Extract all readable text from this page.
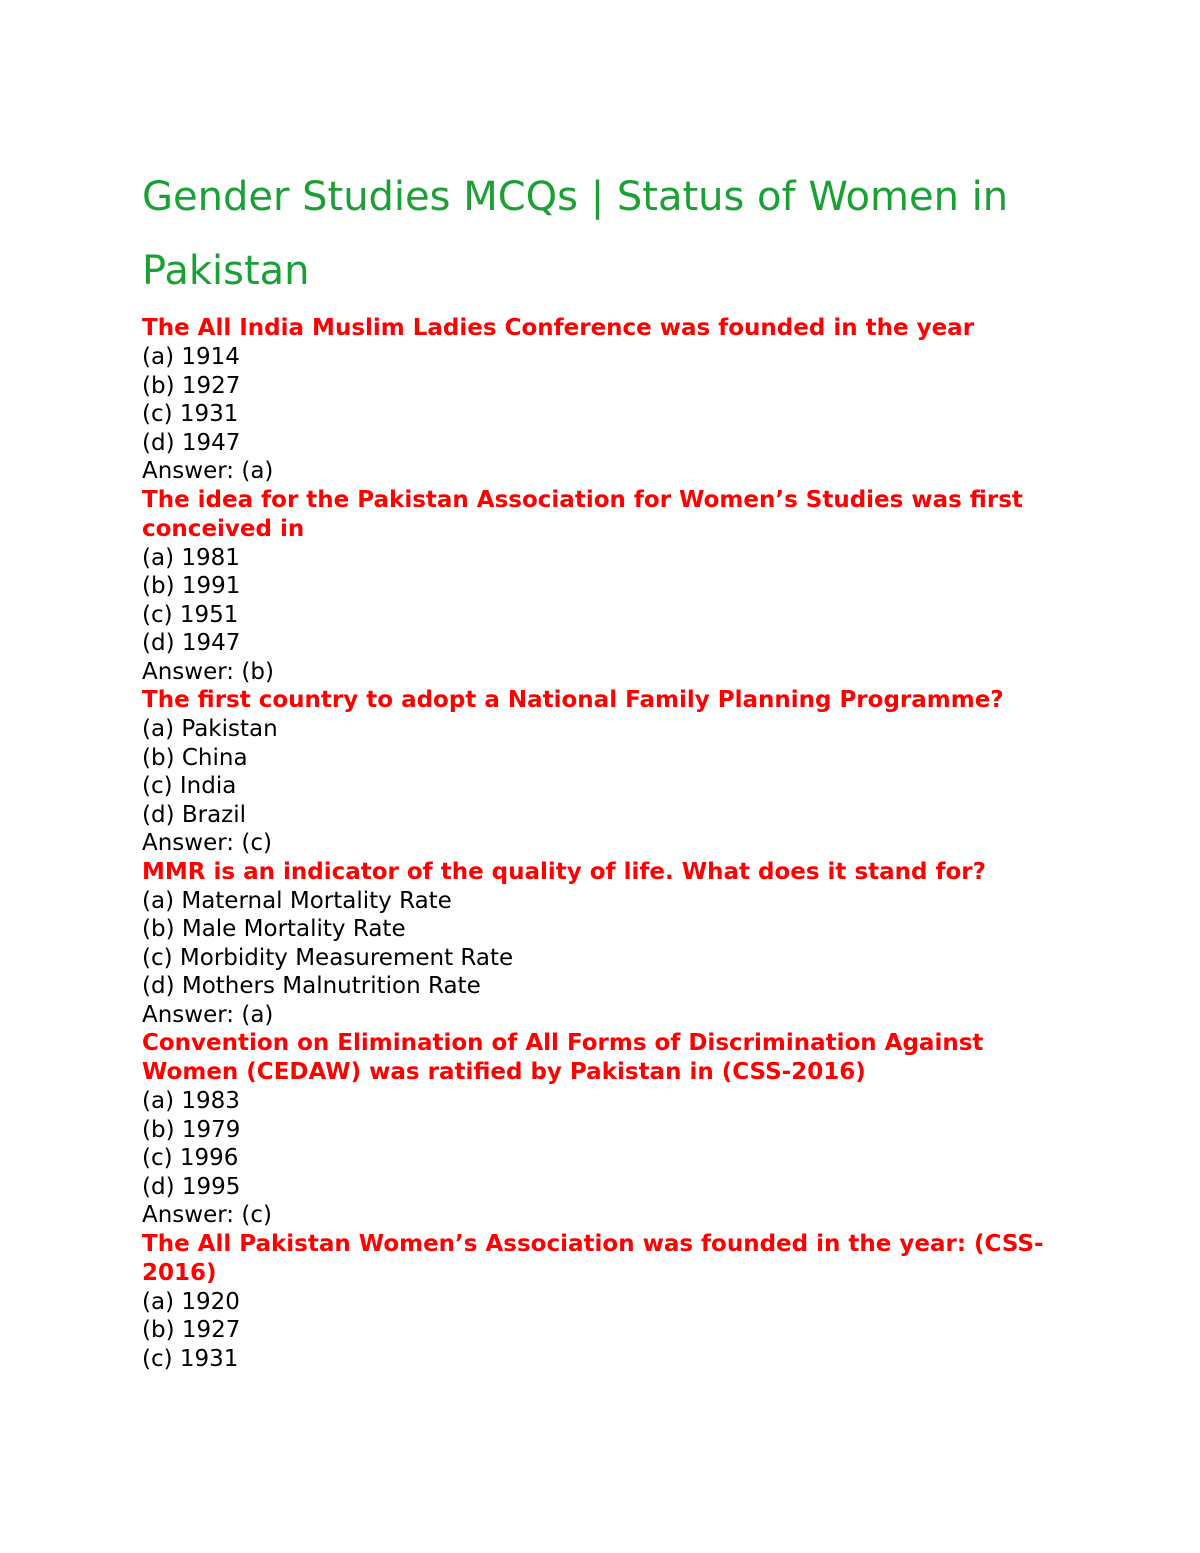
Gender Studies MCQs | Status of Women in Pakistan

The All India Muslim Ladies Conference was founded in the year

(a) 1914

(b) 1927

(c) 1931

(d) 1947

Answer: (a)

The idea for the Pakistan Association for Women’s Studies was first conceived in

(a) 1981

(b) 1991

(c) 1951

(d) 1947

Answer: (b)

The first country to adopt a National Family Planning Programme?

(a) Pakistan

(b) China

(c) India

(d) Brazil

Answer: (c)

MMR is an indicator of the quality of life. What does it stand for?

(a) Maternal Mortality Rate

(b) Male Mortality Rate

(c) Morbidity Measurement Rate

(d) Mothers Malnutrition Rate

Answer: (a)

Convention on Elimination of All Forms of Discrimination Against Women (CEDAW) was ratified by Pakistan in (CSS-2016)

(a) 1983

(b) 1979

(c) 1996

(d) 1995

Answer: (c)

The All Pakistan Women’s Association was founded in the year: (CSS-2016)

(a) 1920

(b) 1927

(c) 1931
